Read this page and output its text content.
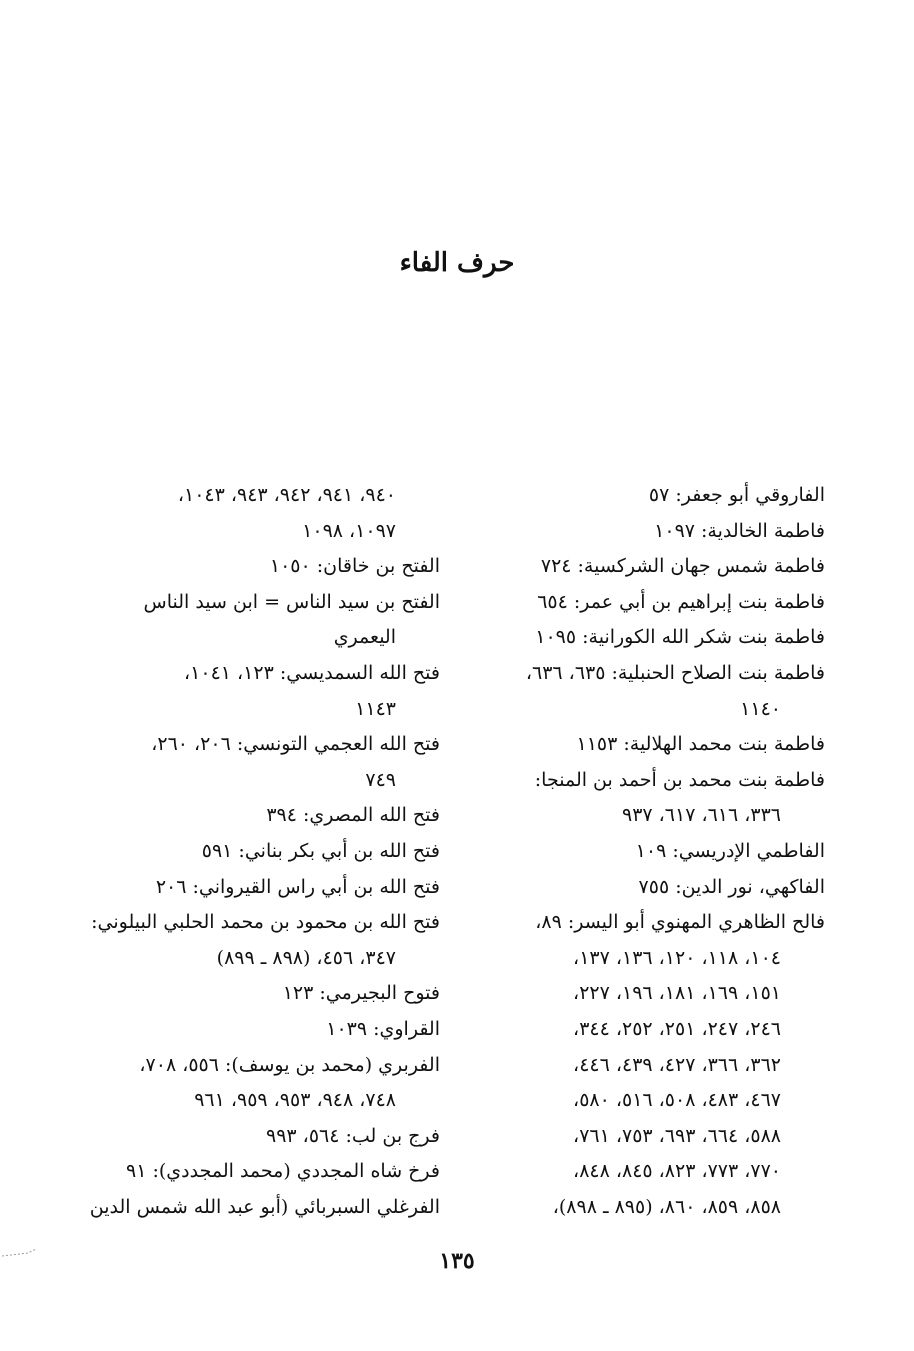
حرف الفاء
الفاروقي أبو جعفر: ٥٧
فاطمة الخالدية: ١٠٩٧
فاطمة شمس جهان الشركسية: ٧٢٤
فاطمة بنت إبراهيم بن أبي عمر: ٦٥٤
فاطمة بنت شكر الله الكورانية: ١٠٩٥
فاطمة بنت الصلاح الحنبلية: ٦٣٥، ٦٣٦،
١١٤٠
فاطمة بنت محمد الهلالية: ١١٥٣
فاطمة بنت محمد بن أحمد بن المنجا:
٣٣٦، ٦١٦، ٦١٧، ٩٣٧
الفاطمي الإدريسي: ١٠٩
الفاكهي، نور الدين: ٧٥٥
فالح الظاهري المهنوي أبو اليسر: ٨٩،
١٠٤، ١١٨، ١٢٠، ١٣٦، ١٣٧،
١٥١، ١٦٩، ١٨١، ١٩٦، ٢٢٧،
٢٤٦، ٢٤٧، ٢٥١، ٢٥٢، ٣٤٤،
٣٦٢، ٣٦٦، ٤٢٧، ٤٣٩، ٤٤٦،
٤٦٧، ٤٨٣، ٥٠٨، ٥١٦، ٥٨٠،
٥٨٨، ٦٦٤، ٦٩٣، ٧٥٣، ٧٦١،
٧٧٠، ٧٧٣، ٨٢٣، ٨٤٥، ٨٤٨،
٨٥٨، ٨٥٩، ٨٦٠، (٨٩٥ ـ ٨٩٨)،
٩٤٠، ٩٤١، ٩٤٢، ٩٤٣، ١٠٤٣،
١٠٩٧، ١٠٩٨
الفتح بن خاقان: ١٠٥٠
الفتح بن سيد الناس = ابن سيد الناس
اليعمري
فتح الله السمديسي: ١٢٣، ١٠٤١،
١١٤٣
فتح الله العجمي التونسي: ٢٠٦، ٢٦٠،
٧٤٩
فتح الله المصري: ٣٩٤
فتح الله بن أبي بكر بناني: ٥٩١
فتح الله بن أبي راس القيرواني: ٢٠٦
فتح الله بن محمود بن محمد الحلبي البيلوني:
٣٤٧، ٤٥٦، (٨٩٨ ـ ٨٩٩)
فتوح البجيرمي: ١٢٣
القراوي: ١٠٣٩
الفربري (محمد بن يوسف): ٥٥٦، ٧٠٨،
٧٤٨، ٩٤٨، ٩٥٣، ٩٥٩، ٩٦١
فرج بن لب: ٥٦٤، ٩٩٣
فرخ شاه المجددي (محمد المجددي): ٩١
الفرغلي السبربائي (أبو عبد الله شمس الدين
١٣٥
